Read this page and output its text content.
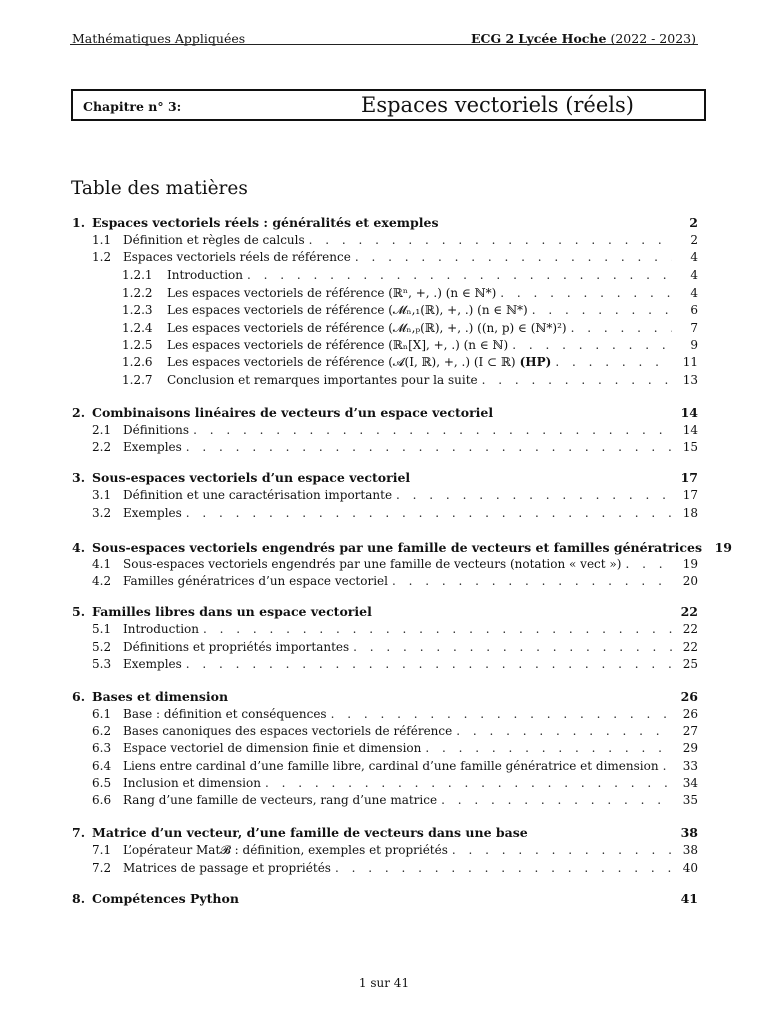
Mathématiques Appliquées	ECG 2 Lycée Hoche (2022 - 2023)
Chapitre n° 3:	Espaces vectoriels (réels)
Table des matières
1. Espaces vectoriels réels : généralités et exemples	2
1.1 Définition et règles de calculs . . .	2
1.2 Espaces vectoriels réels de référence . . .	4
1.2.1	Introduction . . .	4
1.2.2	Les espaces vectoriels de référence (ℝⁿ, +, .) (n ∈ ℕ*) . . .	4
1.2.3	Les espaces vectoriels de référence (𝓜ₙ,₁(ℝ), +, .) (n ∈ ℕ*) . . .	6
1.2.4	Les espaces vectoriels de référence (𝓜ₙ,ₚ(ℝ), +, .) ((n, p) ∈ (ℕ*)²) . . .	7
1.2.5	Les espaces vectoriels de référence (ℝₙ[X], +, .) (n ∈ ℕ) . . .	9
1.2.6	Les espaces vectoriels de référence (𝓐(I, ℝ), +, .) (I ⊂ ℝ) (HP) . . .	11
1.2.7	Conclusion et remarques importantes pour la suite . . .	13
2. Combinaisons linéaires de vecteurs d’un espace vectoriel	14
2.1 Définitions . . .	14
2.2 Exemples . . .	15
3. Sous-espaces vectoriels d’un espace vectoriel	17
3.1 Définition et une caractérisation importante . . .	17
3.2 Exemples . . .	18
4. Sous-espaces vectoriels engendrés par une famille de vecteurs et familles génératrices	19
4.1 Sous-espaces vectoriels engendrés par une famille de vecteurs (notation « vect ») . . .	19
4.2 Familles génératrices d’un espace vectoriel . . .	20
5. Familles libres dans un espace vectoriel	22
5.1 Introduction . . .	22
5.2 Définitions et propriétés importantes . . .	22
5.3 Exemples . . .	25
6. Bases et dimension	26
6.1 Base : définition et conséquences . . .	26
6.2 Bases canoniques des espaces vectoriels de référence . . .	27
6.3 Espace vectoriel de dimension finie et dimension . . .	29
6.4 Liens entre cardinal d’une famille libre, cardinal d’une famille génératrice et dimension . . .	33
6.5 Inclusion et dimension . . .	34
6.6 Rang d’une famille de vecteurs, rang d’une matrice . . .	35
7. Matrice d’un vecteur, d’une famille de vecteurs dans une base	38
7.1 L’opérateur Mat𝓑 : définition, exemples et propriétés . . .	38
7.2 Matrices de passage et propriétés . . .	40
8. Compétences Python	41
1 sur 41
